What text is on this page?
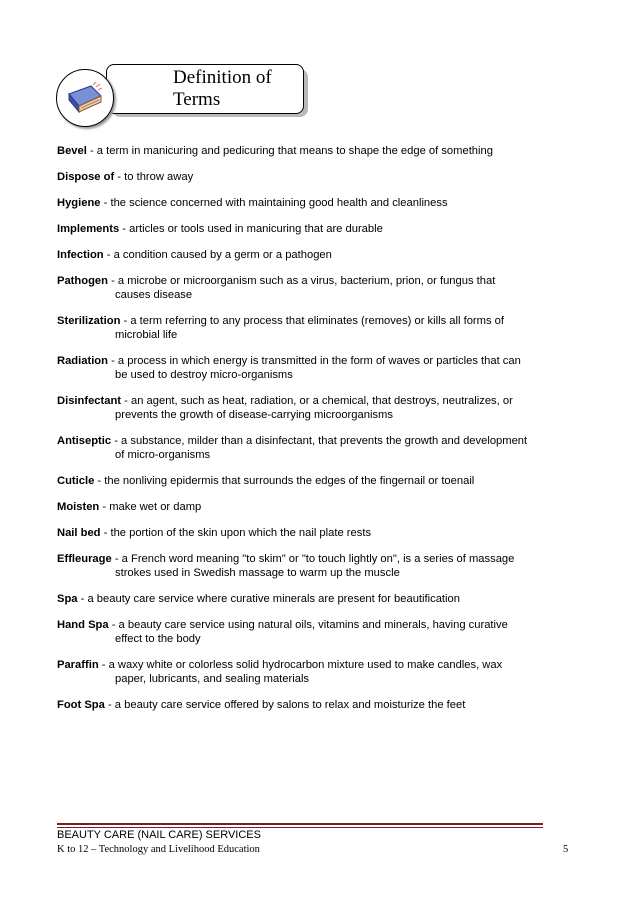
Definition of Terms
Bevel - a term in manicuring and pedicuring that means to shape the edge of something
Dispose of - to throw away
Hygiene - the science concerned with maintaining good health and cleanliness
Implements - articles or tools used in manicuring that are durable
Infection - a condition caused by a germ or a pathogen
Pathogen - a microbe or microorganism such as a virus, bacterium, prion, or fungus that
causes disease
Sterilization - a term referring to any process that eliminates (removes) or kills all forms of
microbial life
Radiation - a process in which energy is transmitted in the form of waves or particles that can
be used to destroy micro-organisms
Disinfectant - an agent, such as heat, radiation, or a chemical, that destroys, neutralizes, or
prevents the growth of disease-carrying microorganisms
Antiseptic - a substance, milder than a disinfectant, that prevents the growth and development
of micro-organisms
Cuticle - the nonliving epidermis that surrounds the edges of the fingernail or toenail
Moisten - make wet or damp
Nail bed - the portion of the skin upon which the nail plate rests
Effleurage - a French word meaning "to skim" or "to touch lightly on", is a series of massage
strokes used in Swedish massage to warm up the muscle
Spa - a beauty care service where curative minerals are present for beautification
Hand Spa - a beauty care service using natural oils, vitamins and minerals, having curative
effect to the body
Paraffin - a waxy white or colorless solid hydrocarbon mixture used to make candles, wax
paper, lubricants, and sealing materials
Foot Spa - a beauty care service offered by salons to relax and moisturize the feet
BEAUTY CARE (NAIL CARE) SERVICES
K to 12 – Technology and Livelihood Education	5
